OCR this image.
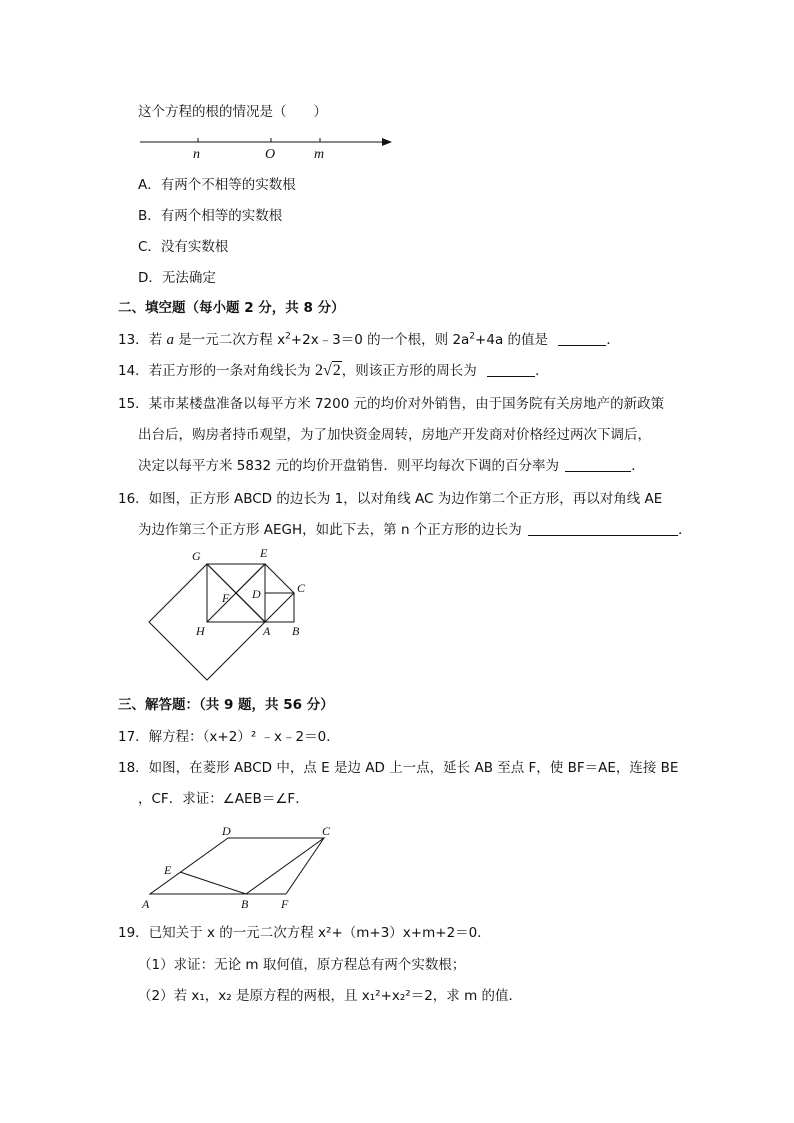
这个方程的根的情况是（　　）
n	O	m
A．有两个不相等的实数根
B．有两个相等的实数根
C．没有实数根
D．无法确定
二、填空题（每小题 2 分，共 8 分）
13．若 a 是一元二次方程 $x^2+2x﹣3=0$ 的一个根，则 $2a^2+4a$ 的值是	．
14．若正方形的一条对角线长为 2√2，则该正方形的周长为	．
15．某市某楼盘准备以每平方米 7200 元的均价对外销售，由于国务院有关房地产的新政策
出台后，购房者持币观望，为了加快资金周转，房地产开发商对价格经过两次下调后，
决定以每平方米 5832 元的均价开盘销售．则平均每次下调的百分率为	．
16．如图，正方形 ABCD 的边长为 1，以对角线 AC 为边作第二个正方形，再以对角线 AE
为边作第三个正方形 AEGH，如此下去，第 n 个正方形的边长为	．
G	E
C
F D
H	A B
三、解答题：（共 9 题，共 56 分）
17．解方程：（x+2）² ﹣x﹣2＝0．
18．如图，在菱形 ABCD 中，点 E 是边 AD 上一点，延长 AB 至点 F，使 BF＝AE，连接 BE
，CF．求证：∠AEB＝∠F．
D	C
E
A	B	F
19．已知关于 x 的一元二次方程 x²+（m+3）x+m+2＝0．
（1）求证：无论 m 取何值，原方程总有两个实数根；
（2）若 x₁，x₂ 是原方程的两根，且 x₁²+x₂²＝2，求 m 的值．
